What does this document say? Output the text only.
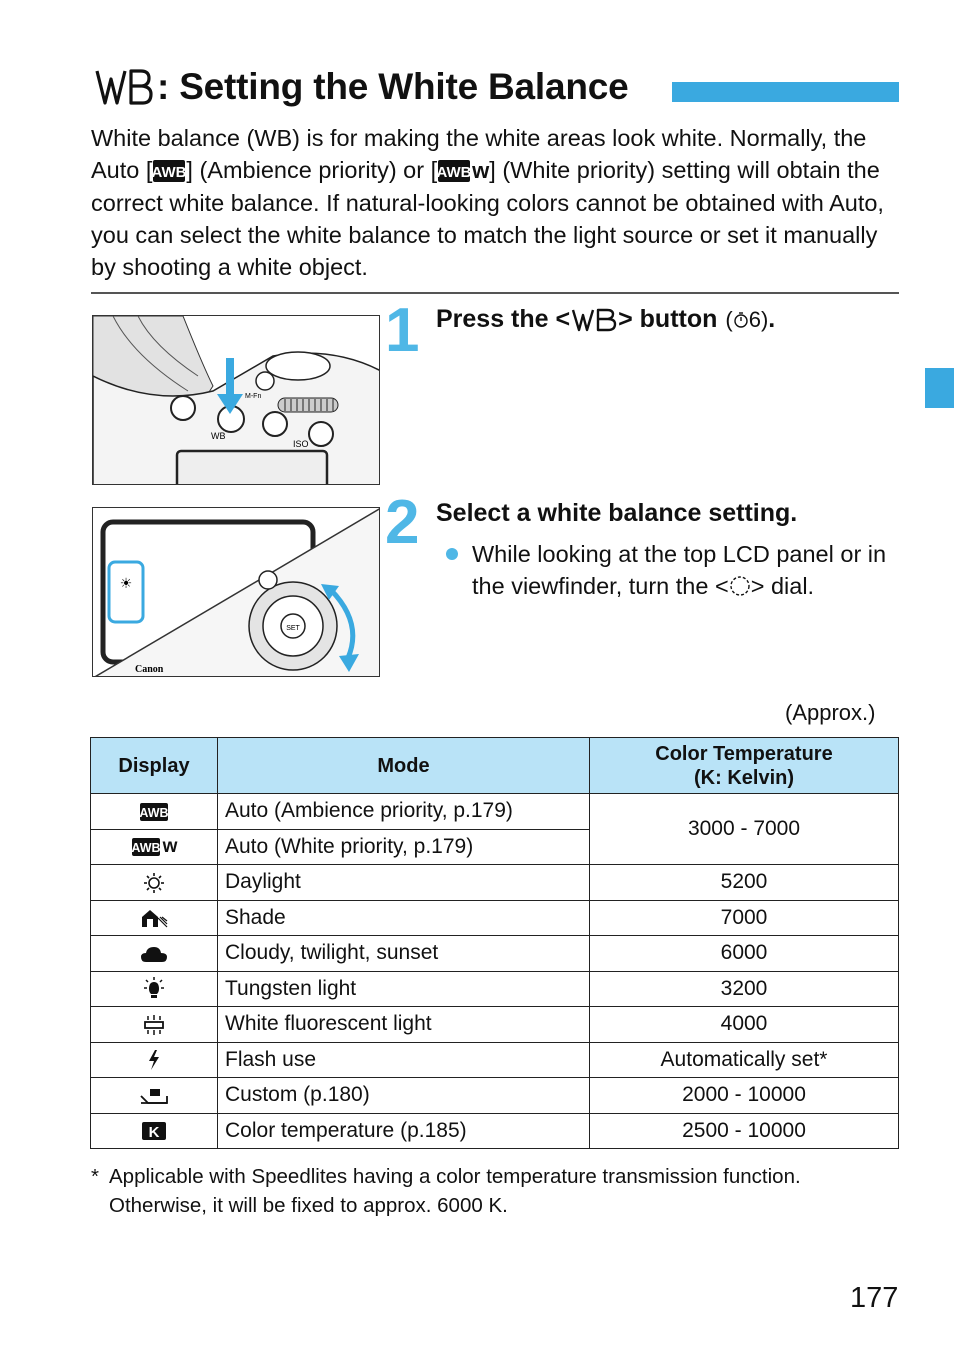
: Setting the White Balance
White balance (WB) is for making the white areas look white. Normally, the Auto [ AWB ] (Ambience priority) or [ AWB w] (White priority) setting will obtain the correct white balance. If natural-looking colors cannot be obtained with Auto, you can select the white balance to match the light source or set it manually by shooting a white object.
WB
ISO
M-Fn
SET
☀
Canon
1 Press the < > button ( 6) .
2 Select a white balance setting.
While looking at the top LCD panel or in the viewfinder, turn the < > dial.
(Approx.)
Display	Mode	Color Temperature
(K: Kelvin)

AWB	Auto (Ambience priority, p.179)	3000 - 7000

AWB w	Auto (White priority, p.179)	
	Daylight	5200
	Shade	7000
	Cloudy, twilight, sunset	6000
	Tungsten light	3200
	White fluorescent light	4000
	Flash use	Automatically set*
	Custom (p.180)	2000 - 10000

K	Color temperature (p.185)	2500 - 10000
* Applicable with Speedlites having a color temperature transmission function. Otherwise, it will be fixed to approx. 6000 K.
177
